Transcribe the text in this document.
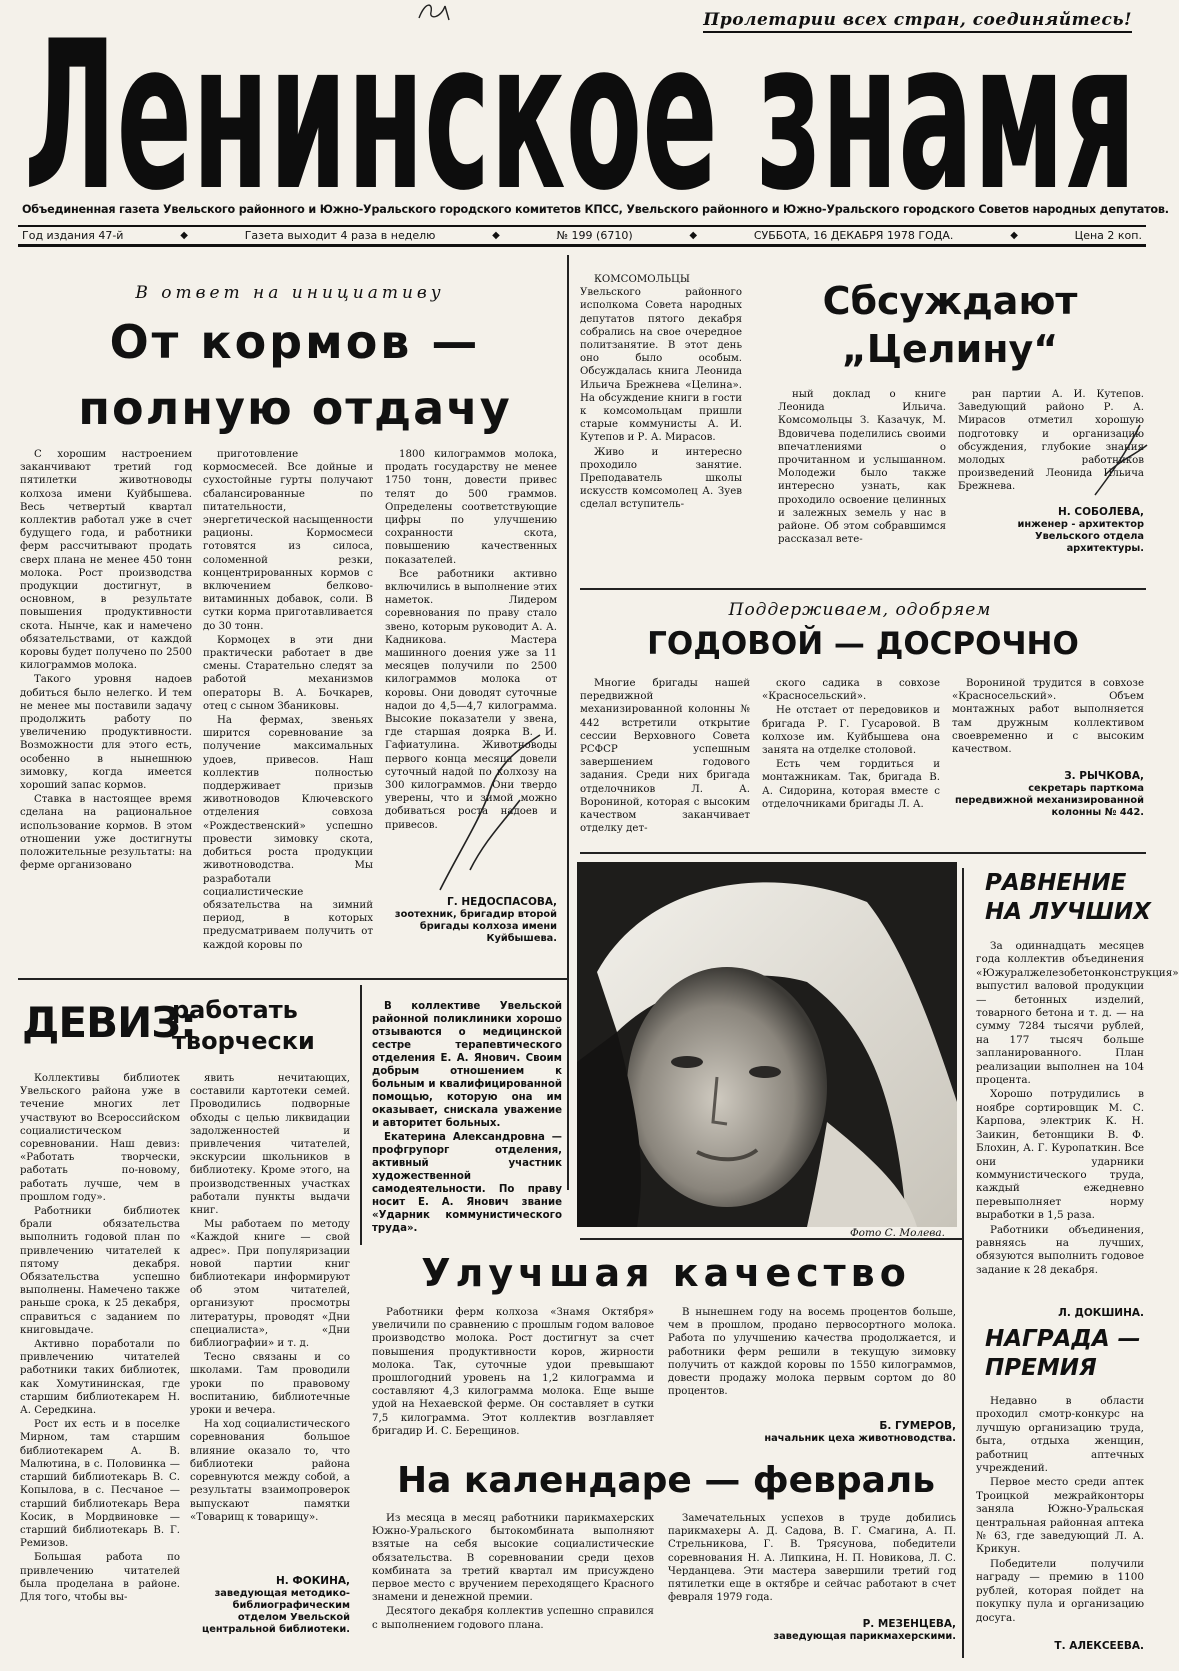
Пролетарии всех стран, соединяйтесь!
Ленинское знамя
Объединенная газета Увельского районного и Южно-Уральского городского комитетов КПСС, Увельского районного и Южно-Уральского городского Советов народных депутатов.
Год издания 47-й	◆	Газета выходит 4 раза в неделю	◆	№ 199 (6710)	◆	СУББОТА, 16 ДЕКАБРЯ 1978 ГОДА.	◆	Цена 2 коп.
В ответ на инициативу
От кормов —
полную отдачу

С хорошим настроением заканчивают третий год пятилетки животноводы колхоза имени Куйбышева. Весь четвертый квартал коллектив работал уже в счет будущего года, и работники ферм рассчитывают продать сверх плана не менее 450 тонн молока. Рост производства продукции достигнут, в основном, в результате повышения продуктивности скота. Нынче, как и намечено обязательствами, от каждой коровы будет получено по 2500 килограммов молока.

Такого уровня надоев добиться было нелегко. И тем не менее мы поставили задачу продолжить работу по увеличению продуктивности. Возможности для этого есть, особенно в нынешнюю зимовку, когда имеется хороший запас кормов.

Ставка в настоящее время сделана на рациональное использование кормов. В этом отношении уже достигнуты положительные результаты: на ферме организовано

приготовление кормосмесей. Все дойные и сухостойные гурты получают сбалансированные по питательности, энергетической насыщенности рационы. Кормосмеси готовятся из силоса, соломенной резки, концентрированных кормов с включением белково-витаминных добавок, соли. В сутки корма приготавливается до 30 тонн.

Кормоцех в эти дни практически работает в две смены. Старательно следят за работой механизмов операторы В. А. Бочкарев, отец с сыном Збаниковы.

На фермах, звеньях ширится соревнование за получение максимальных удоев, привесов. Наш коллектив полностью поддерживает призыв животноводов Ключевского отделения совхоза «Рождественский» успешно провести зимовку скота, добиться роста продукции животноводства. Мы разработали социалистические обязательства на зимний период, в которых предусматриваем получить от каждой коровы по

1800 килограммов молока, продать государству не менее 1750 тонн, довести привес телят до 500 граммов. Определены соответствующие цифры по улучшению сохранности скота, повышению качественных показателей.

Все работники активно включились в выполнение этих наметок. Лидером соревнования по праву стало звено, которым руководит А. А. Кадникова. Мастера машинного доения уже за 11 месяцев получили по 2500 килограммов молока от коровы. Они доводят суточные надои до 4,5—4,7 килограмма. Высокие показатели у звена, где старшая доярка В. И. Гафиатулина. Животноводы первого конца месяца довели суточный надой по колхозу на 300 килограммов. Они твердо уверены, что и зимой можно добиваться роста надоев и привесов.

Г. НЕДОСПАСОВА,
зоотехник, бригадир второй бригады колхоза имени Куйбышева.

КОМСОМОЛЬЦЫ Увельского районного исполкома Совета народных депутатов пятого декабря собрались на свое очередное политзанятие. В этот день оно было особым. Обсуждалась книга Леонида Ильича Брежнева «Целина». На обсуждение книги в гости к комсомольцам пришли старые коммунисты А. И. Кутепов и Р. А. Мирасов.

Живо и интересно проходило занятие. Преподаватель школы искусств комсомолец А. Зуев сделал вступитель-

Сбсуждают
„Целину“

ный доклад о книге Леонида Ильича. Комсомольцы З. Казачук, М. Вдовичева поделились своими впечатлениями о прочитанном и услышанном. Молодежи было также интересно узнать, как проходило освоение целинных и залежных земель у нас в районе. Об этом собравшимся рассказал вете-

ран партии А. И. Кутепов. Заведующий районо Р. А. Мирасов отметил хорошую подготовку и организацию обсуждения, глубокие знания молодых работников произведений Леонида Ильича Брежнева.

Н. СОБОЛЕВА,
инженер - архитектор Увельского отдела архитектуры.
Поддерживаем, одобряем
ГОДОВОЙ — ДОСРОЧНО

Многие бригады нашей передвижной механизированной колонны № 442 встретили открытие сессии Верховного Совета РСФСР успешным завершением годового задания. Среди них бригада отделочников Л. А. Ворониной, которая с высоким качеством заканчивает отделку дет-

ского садика в совхозе «Красносельский».

Не отстает от передовиков и бригада Р. Г. Гусаровой. В колхозе им. Куйбышева она занята на отделке столовой.

Есть чем гордиться и монтажникам. Так, бригада В. А. Сидорина, которая вместе с отделочниками бригады Л. А.

Ворониной трудится в совхозе «Красносельский». Объем монтажных работ выполняется там дружным коллективом своевременно и с высоким качеством.

З. РЫЧКОВА,
секретарь парткома передвижной механизированной колонны № 442.
ДЕВИЗ:
работать
творчески

Коллективы библиотек Увельского района уже в течение многих лет участвуют во Всероссийском социалистическом соревновании. Наш девиз: «Работать творчески, работать по-новому, работать лучше, чем в прошлом году».

Работники библиотек брали обязательства выполнить годовой план по привлечению читателей к пятому декабря. Обязательства успешно выполнены. Намечено также раньше срока, к 25 декабря, справиться с заданием по книговыдаче.

Активно поработали по привлечению читателей работники таких библиотек, как Хомутининская, где старшим библиотекарем Н. А. Середкина.

Рост их есть и в поселке Мирном, там старшим библиотекарем А. В. Малютина, в с. Половинка — старший библиотекарь В. С. Копылова, в с. Песчаное — старший библиотекарь Вера Косик, в Мордвиновке — старший библиотекарь В. Г. Ремизов.

Большая работа по привлечению читателей была проделана в районе. Для того, чтобы вы-

явить нечитающих, составили картотеки семей. Проводились подворные обходы с целью ликвидации задолженностей и привлечения читателей, экскурсии школьников в библиотеку. Кроме этого, на производственных участках работали пункты выдачи книг.

Мы работаем по методу «Каждой книге — свой адрес». При популяризации новой партии книг библиотекари информируют об этом читателей, организуют просмотры литературы, проводят «Дни специалиста», «Дни библиографии» и т. д.

Тесно связаны и со школами. Там проводили уроки по правовому воспитанию, библиотечные уроки и вечера.

На ход социалистического соревнования большое влияние оказало то, что библиотеки района соревнуются между собой, а результаты взаимопроверок выпускают памятки «Товарищ к товарищу».

Н. ФОКИНА,
заведующая методико-библиографическим отделом Увельской центральной библиотеки.

В коллективе Увельской районной поликлиники хорошо отзываются о медицинской сестре терапевтического отделения Е. А. Янович. Своим добрым отношением к больным и квалифицированной помощью, которую она им оказывает, снискала уважение и авторитет больных.

Екатерина Александровна — профгрупорг отделения, активный участник художественной самодеятельности. По праву носит Е. А. Янович звание «Ударник коммунистического труда».	Фото С. Молева.
Улучшая качество

Работники ферм колхоза «Знамя Октября» увеличили по сравнению с прошлым годом валовое производство молока. Рост достигнут за счет повышения продуктивности коров, жирности молока. Так, суточные удои превышают прошлогодний уровень на 1,2 килограмма и составляют 4,3 килограмма молока. Еще выше удой на Нехаевской ферме. Он составляет в сутки 7,5 килограмма. Этот коллектив возглавляет бригадир И. С. Берещинов.

В нынешнем году на восемь процентов больше, чем в прошлом, продано первосортного молока. Работа по улучшению качества продолжается, и работники ферм решили в текущую зимовку получить от каждой коровы по 1550 килограммов, довести продажу молока первым сортом до 80 процентов.

Б. ГУМЕРОВ,
начальник цеха животноводства.
На календаре — февраль

Из месяца в месяц работники парикмахерских Южно-Уральского бытокомбината выполняют взятые на себя высокие социалистические обязательства. В соревновании среди цехов комбината за третий квартал им присуждено первое место с вручением переходящего Красного знамени и денежной премии.

Десятого декабря коллектив успешно справился с выполнением годового плана.

Замечательных успехов в труде добились парикмахеры А. Д. Садова, В. Г. Смагина, А. П. Стрельникова, Г. В. Трясунова, победители соревнования Н. А. Липкина, Н. П. Новикова, Л. С. Черданцева. Эти мастера завершили третий год пятилетки еще в октябре и сейчас работают в счет февраля 1979 года.

Р. МЕЗЕНЦЕВА,
заведующая парикмахерскими.
РАВНЕНИЕ
НА ЛУЧШИХ

За одиннадцать месяцев года коллектив объединения «Южуралжелезобетонконструкция» выпустил валовой продукции — бетонных изделий, товарного бетона и т. д. — на сумму 7284 тысячи рублей, на 177 тысяч больше запланированного. План реализации выполнен на 104 процента.

Хорошо потрудились в ноябре сортировщик М. С. Карпова, электрик К. Н. Заикин, бетонщики В. Ф. Блохин, А. Г. Куропаткин. Все они ударники коммунистического труда, каждый ежедневно перевыполняет норму выработки в 1,5 раза.

Работники объединения, равняясь на лучших, обязуются выполнить годовое задание к 28 декабря.

Л. ДОКШИНА.
НАГРАДА —
ПРЕМИЯ

Недавно в области проходил смотр-конкурс на лучшую организацию труда, быта, отдыха женщин, работниц аптечных учреждений.

Первое место среди аптек Троицкой межрайконторы заняла Южно-Уральская центральная районная аптека № 63, где заведующий Л. А. Крикун.

Победители получили награду — премию в 1100 рублей, которая пойдет на покупку пула и организацию досуга.

Т. АЛЕКСЕЕВА.
